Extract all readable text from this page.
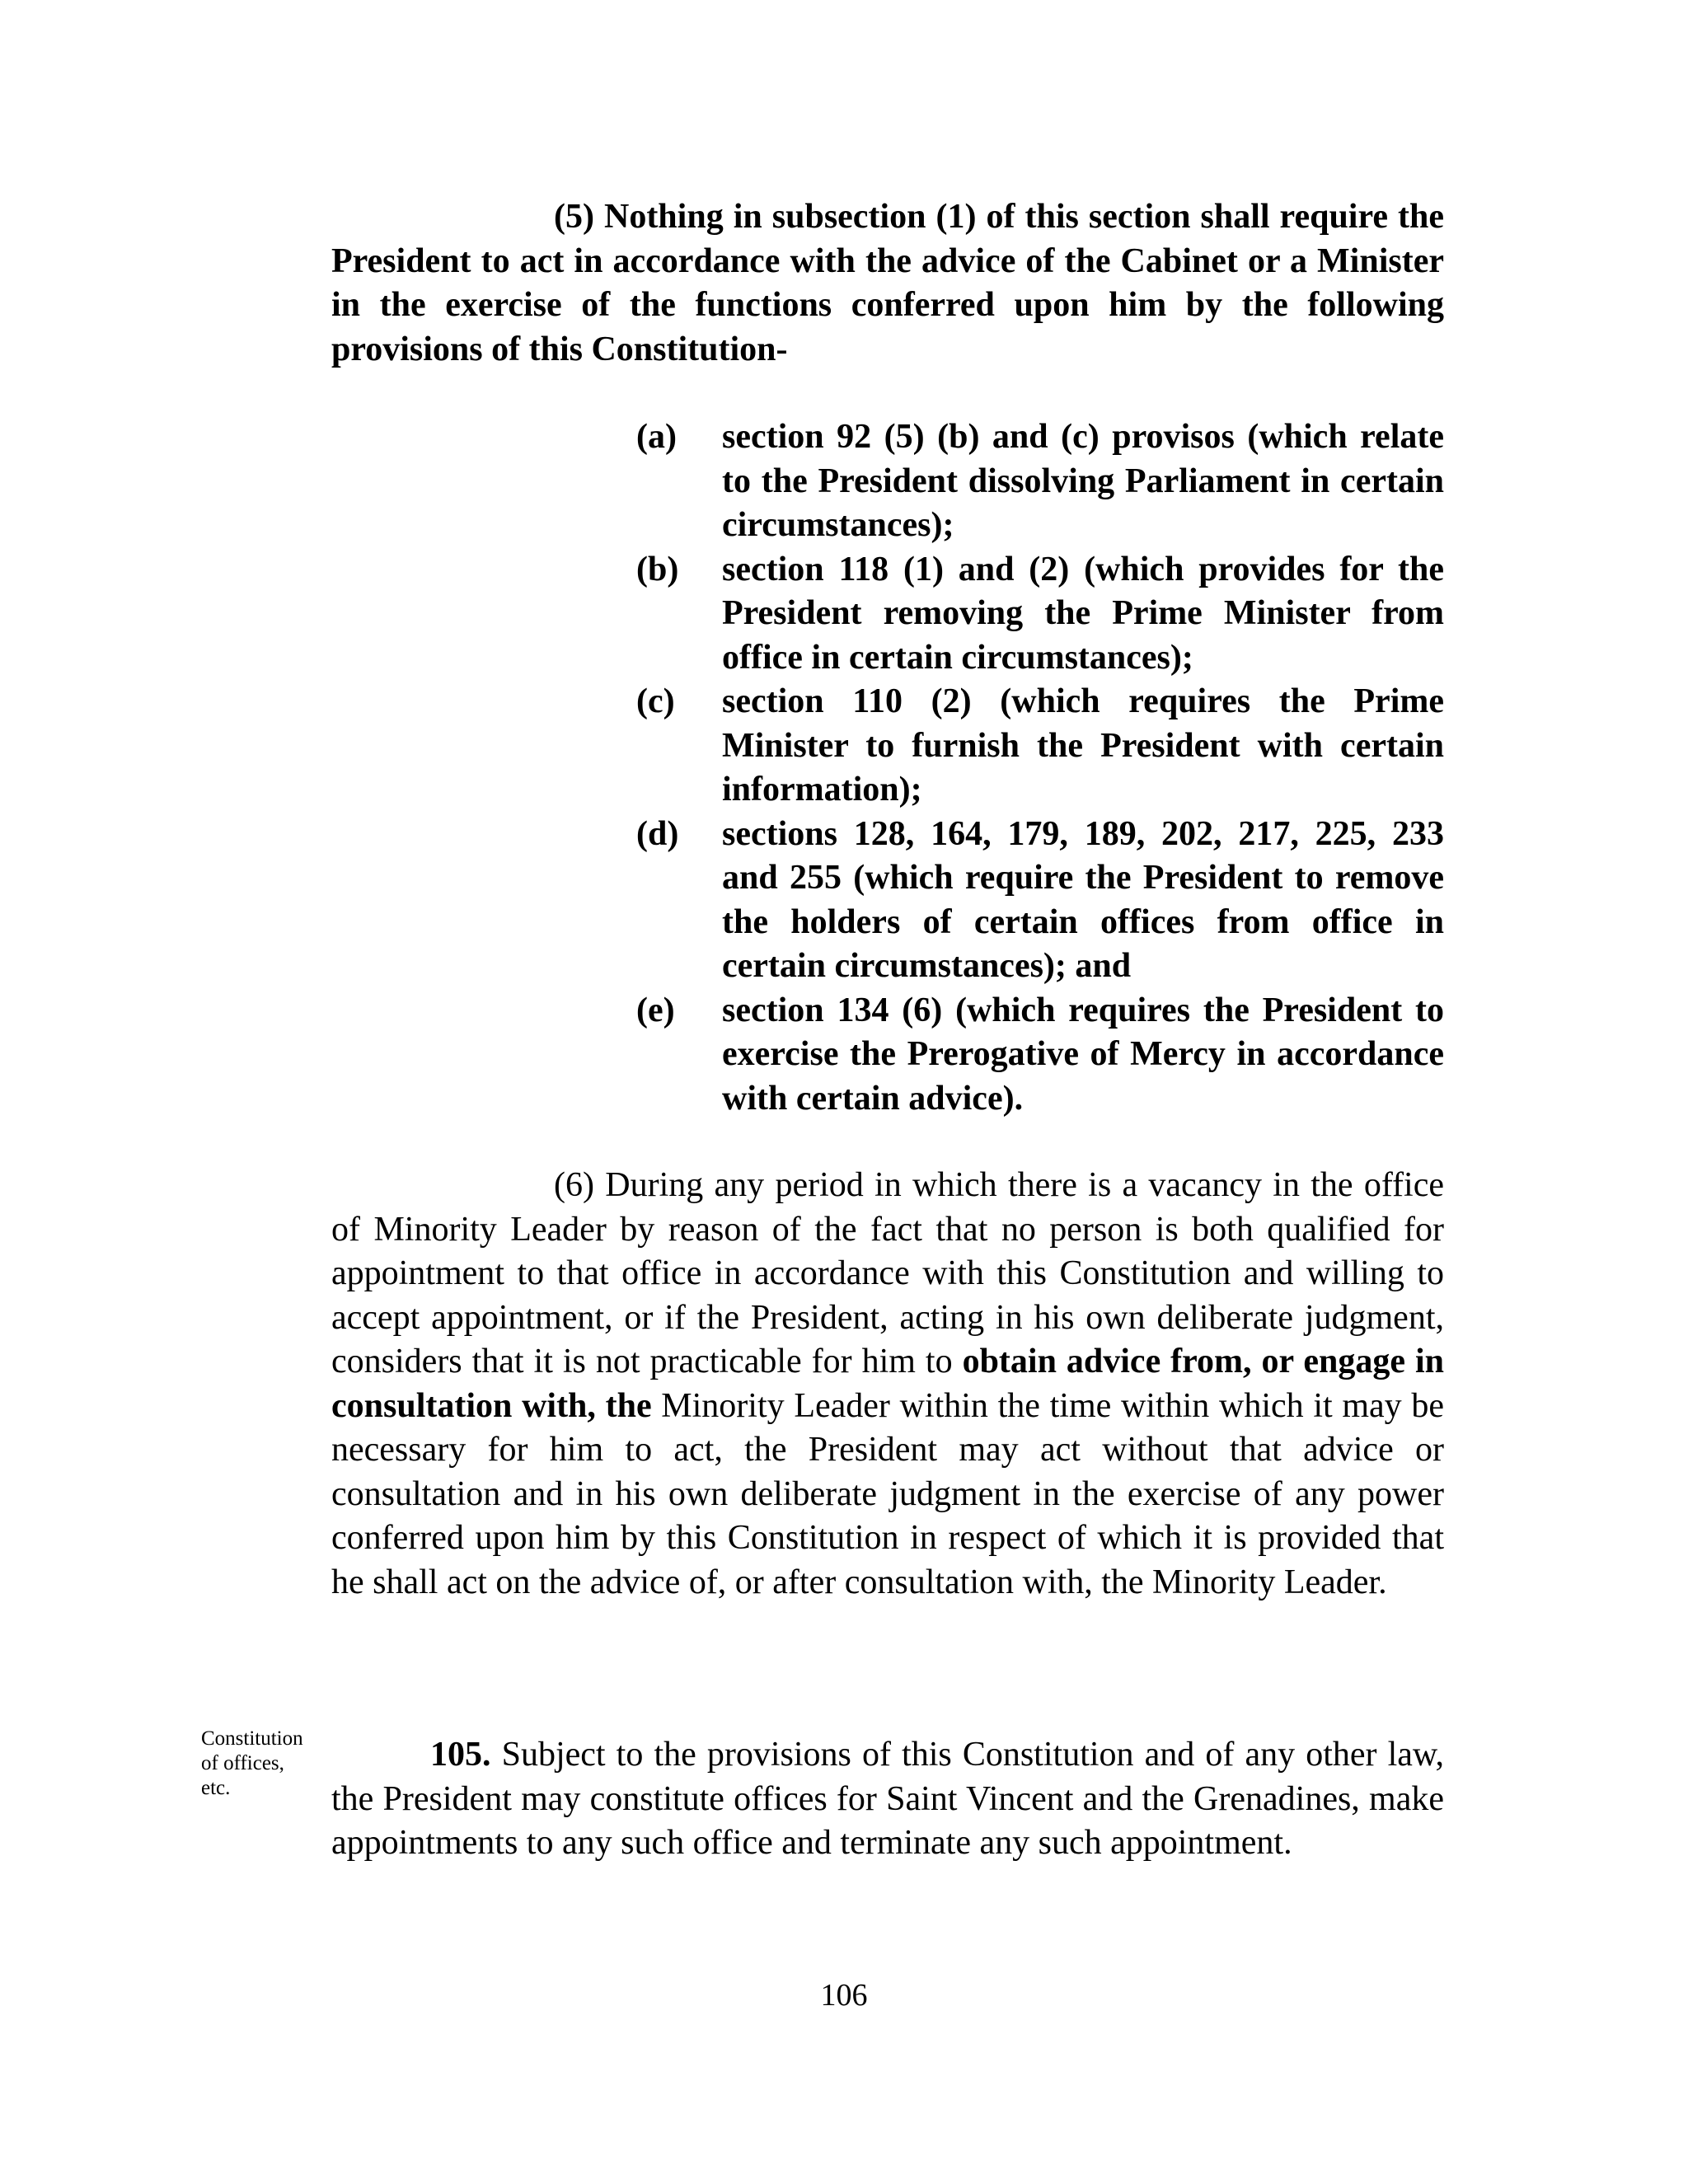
(5) Nothing in subsection (1) of this section shall require the President to act in accordance with the advice of the Cabinet or a Minister in the exercise of the functions conferred upon him by the following provisions of this Constitution-

(a)	section 92 (5) (b) and (c) provisos (which relate to the President dissolving Parliament in certain circumstances);
(b)	section 118 (1) and (2) (which provides for the President removing the Prime Minister from office in certain circumstances);
(c)	section 110 (2) (which requires the Prime Minister to furnish the President with certain information);
(d)	sections 128, 164, 179, 189, 202, 217, 225, 233 and 255 (which require the President to remove the holders of certain offices from office in certain circumstances); and
(e)	section 134 (6) (which requires the President to exercise the Prerogative of Mercy in accordance with certain advice).

(6) During any period in which there is a vacancy in the office of Minority Leader by reason of the fact that no person is both qualified for appointment to that office in accordance with this Constitution and willing to accept appointment, or if the President, acting in his own deliberate judgment, considers that it is not practicable for him to obtain advice from, or engage in consultation with, the Minority Leader within the time within which it may be necessary for him to act, the President may act without that advice or consultation and in his own deliberate judgment in the exercise of any power conferred upon him by this Constitution in respect of which it is provided that he shall act on the advice of, or after consultation with, the Minority Leader.

Constitution of offices, etc.

105. Subject to the provisions of this Constitution and of any other law, the President may constitute offices for Saint Vincent and the Grenadines, make appointments to any such office and terminate any such appointment.

106
